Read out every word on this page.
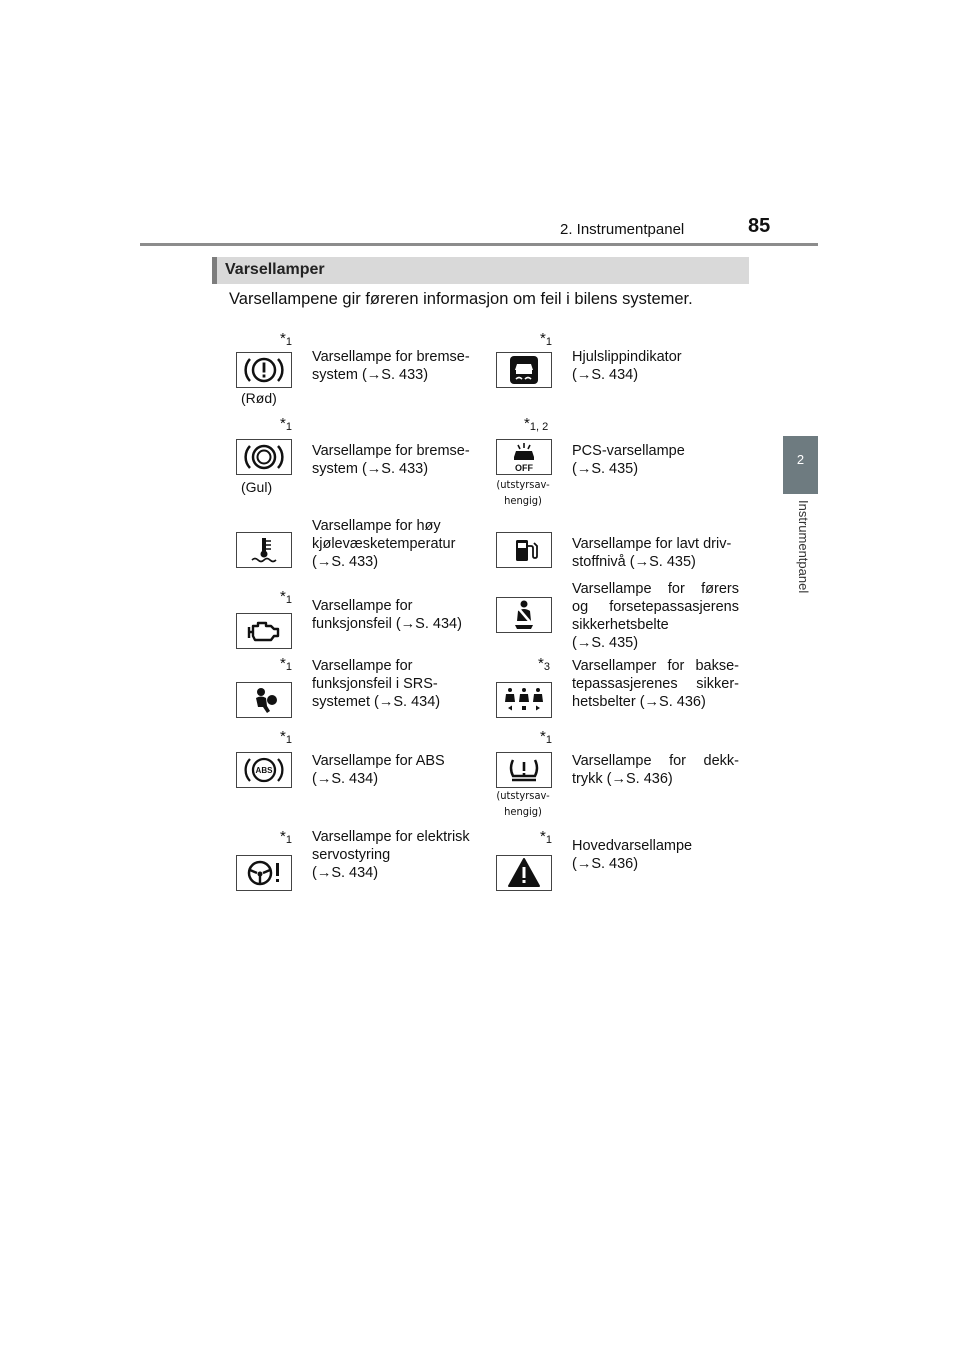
2. Instrumentpanel	85
2
Instrumentpanel
Varsellamper
Varsellampene gir føreren informasjon om feil i bilens systemer.
*1
(Rød)
Varsellampe for bremse-
system (→S. 433)
*1
Hjulslippindikator
(→S. 434)
*1
(Gul)
Varsellampe for bremse-
system (→S. 433)
*1, 2
OFF
(utstyrsav-
hengig)
PCS-varsellampe
(→S. 435)
Varsellampe for høy
kjølevæsketemperatur
(→S. 433)
Varsellampe for lavt driv-
stoffnivå (→S. 435)
*1 Varsellampe for
funksjonsfeil (→S. 434)
Varsellampe for førers
og forsetepassasjerens
sikkerhetsbelte
(→S. 435)
*1 Varsellampe for
funksjonsfeil i SRS-
systemet (→S. 434)
*3 Varsellamper for bakse-
tepassasjerenes sikker-
hetsbelter (→S. 436)
*1
ABS
Varsellampe for ABS
(→S. 434)
*1
(utstyrsav-
hengig)
Varsellampe for dekk-
trykk (→S. 436)
*1 Varsellampe for elektrisk
servostyring
(→S. 434)
*1 Hovedvarsellampe
(→S. 436)
